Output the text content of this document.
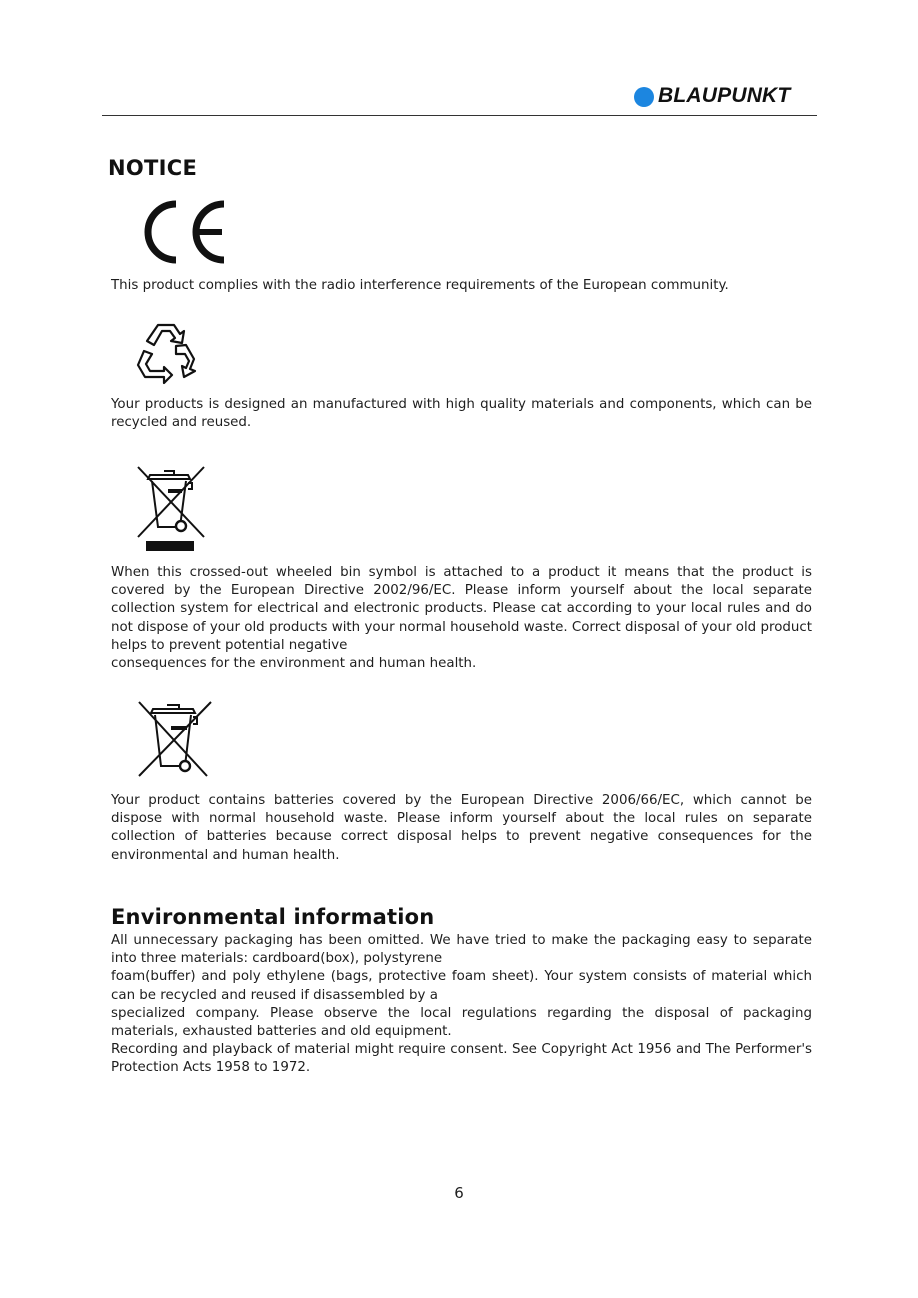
BLAUPUNKT
NOTICE

This product complies with the radio interference requirements of the European community.

Your products is designed an manufactured with high quality materials and components, which can be recycled and reused.

When this crossed-out wheeled bin symbol is attached to a product it means that the product is covered by the European Directive 2002/96/EC. Please inform yourself about the local separate collection system for electrical and electronic products. Please cat according to your local rules and do not dispose of your old products with your normal household waste. Correct disposal of your old product helps to prevent potential negative

consequences for the environment and human health.

Your product contains batteries covered by the European Directive 2006/66/EC, which cannot be dispose with normal household waste. Please inform yourself about the local rules on separate collection of batteries because correct disposal helps to prevent negative consequences for the environmental and human health.

Environmental information

All unnecessary packaging has been omitted. We have tried to make the packaging easy to separate into three materials: cardboard(box), polystyrene

foam(buffer) and poly ethylene (bags, protective foam sheet). Your system consists of material which can be recycled and reused if disassembled by a

specialized company. Please observe the local regulations regarding the disposal of packaging materials, exhausted batteries and old equipment.

Recording and playback of material might require consent. See Copyright Act 1956 and The Performer's Protection Acts 1958 to 1972.

6
